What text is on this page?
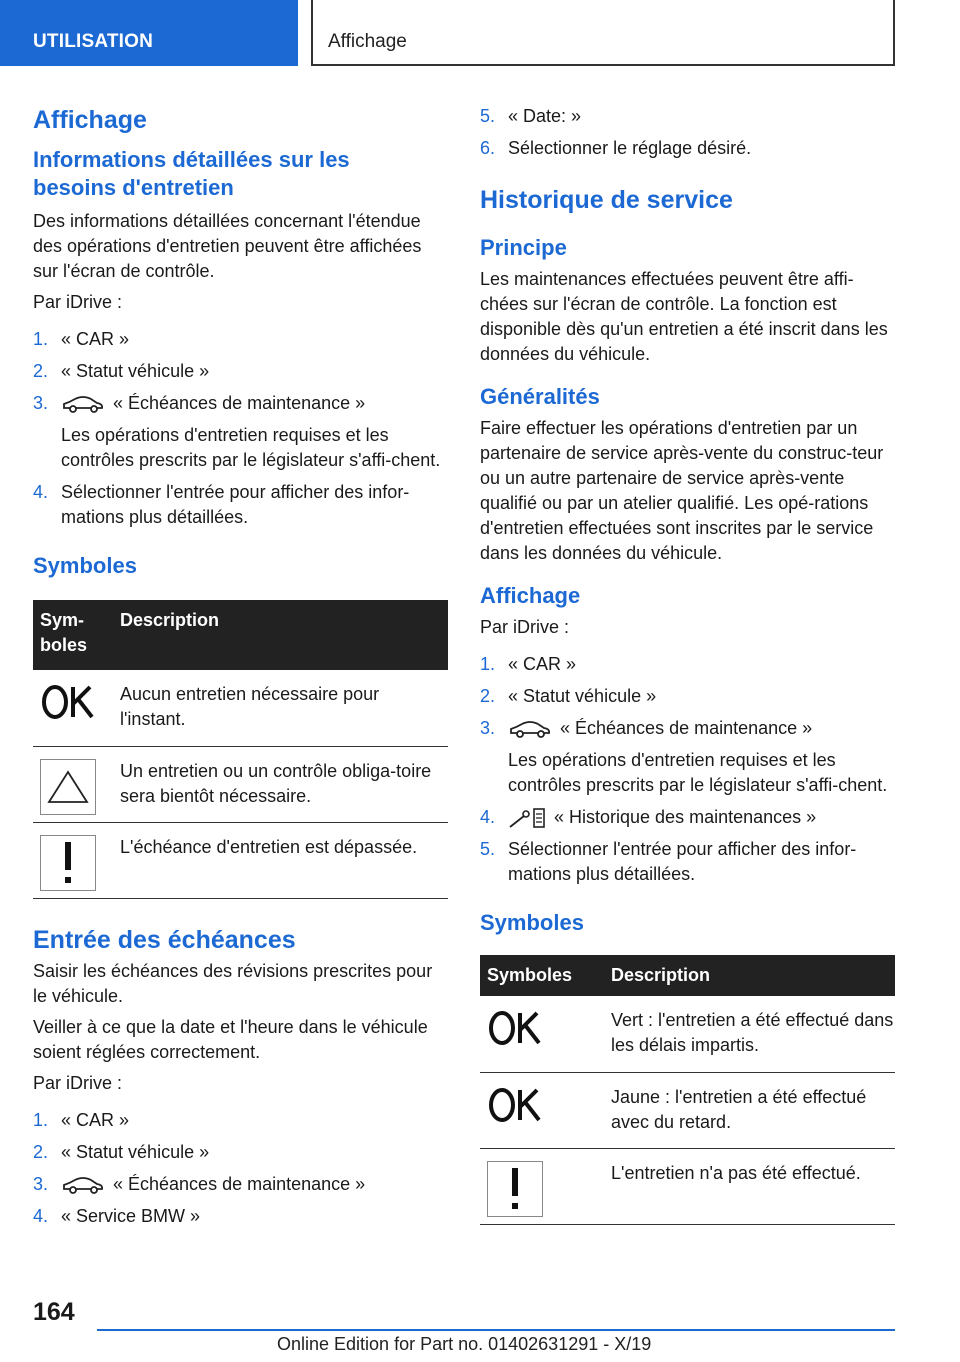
UTILISATION	Affichage
Affichage
Informations détaillées sur les besoins d'entretien
Des informations détaillées concernant l'étendue des opérations d'entretien peuvent être affichées sur l'écran de contrôle.
Par iDrive :
1. « CAR »
2. « Statut véhicule »
3.	« Échéances de maintenance »
Les opérations d'entretien requises et les contrôles prescrits par le législateur s'affi-chent.
4. Sélectionner l'entrée pour afficher des infor-mations plus détaillées.
Symboles
Sym-boles	Description
	Aucun entretien nécessaire pour l'instant.

	Un entretien ou un contrôle obliga-toire sera bientôt nécessaire.

	L'échéance d'entretien est dépassée.
Entrée des échéances
Saisir les échéances des révisions prescrites pour le véhicule.
Veiller à ce que la date et l'heure dans le véhicule soient réglées correctement.
Par iDrive :
1. « CAR »
2. « Statut véhicule »
3.	« Échéances de maintenance »
4. « Service BMW »
5. « Date: »
6. Sélectionner le réglage désiré.
Historique de service
Principe
Les maintenances effectuées peuvent être affi-chées sur l'écran de contrôle. La fonction est disponible dès qu'un entretien a été inscrit dans les données du véhicule.
Généralités
Faire effectuer les opérations d'entretien par un partenaire de service après-vente du construc-teur ou un autre partenaire de service après-vente qualifié ou par un atelier qualifié. Les opé-rations d'entretien effectuées sont inscrites par le service dans les données du véhicule.
Affichage
Par iDrive :
1. « CAR »
2. « Statut véhicule »
3.	« Échéances de maintenance »
Les opérations d'entretien requises et les contrôles prescrits par le législateur s'affi-chent.
4.	« Historique des maintenances »
5. Sélectionner l'entrée pour afficher des infor-mations plus détaillées.
Symboles
Symboles	Description
	Vert : l'entretien a été effectué dans les délais impartis.
	Jaune : l'entretien a été effectué avec du retard.

	L'entretien n'a pas été effectué.
164
Online Edition for Part no. 01402631291 - X/19
